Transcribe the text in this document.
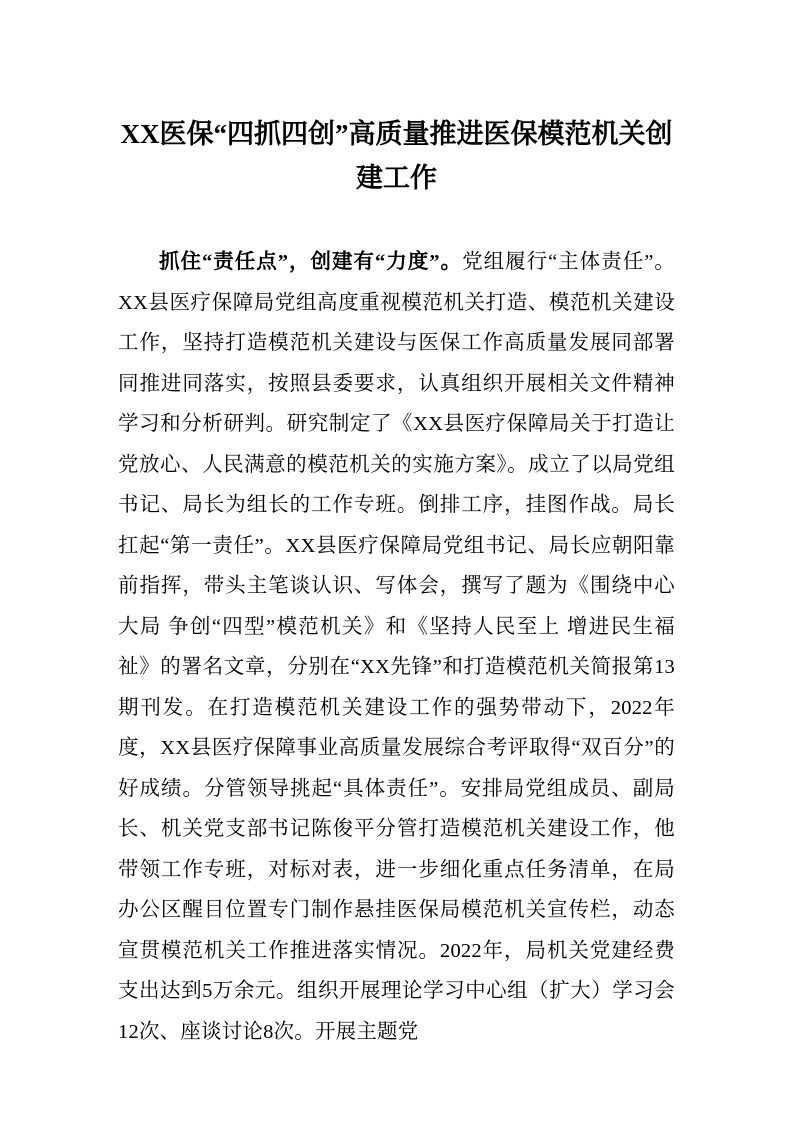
XX医保“四抓四创”高质量推进医保模范机关创建工作

抓住“责任点”，创建有“力度”。党组履行“主体责任”。XX县医疗保障局党组高度重视模范机关打造、模范机关建设工作，坚持打造模范机关建设与医保工作高质量发展同部署同推进同落实，按照县委要求，认真组织开展相关文件精神学习和分析研判。研究制定了《XX县医疗保障局关于打造让党放心、人民满意的模范机关的实施方案》。成立了以局党组书记、局长为组长的工作专班。倒排工序，挂图作战。局长扛起“第一责任”。XX县医疗保障局党组书记、局长应朝阳靠前指挥，带头主笔谈认识、写体会，撰写了题为《围绕中心大局 争创“四型”模范机关》和《坚持人民至上 增进民生福祉》的署名文章，分别在“XX先锋”和打造模范机关简报第13期刊发。在打造模范机关建设工作的强势带动下，2022年度，XX县医疗保障事业高质量发展综合考评取得“双百分”的好成绩。分管领导挑起“具体责任”。安排局党组成员、副局长、机关党支部书记陈俊平分管打造模范机关建设工作，他带领工作专班，对标对表，进一步细化重点任务清单，在局办公区醒目位置专门制作悬挂医保局模范机关宣传栏，动态宣贯模范机关工作推进落实情况。2022年，局机关党建经费支出达到5万余元。组织开展理论学习中心组（扩大）学习会12次、座谈讨论8次。开展主题党
